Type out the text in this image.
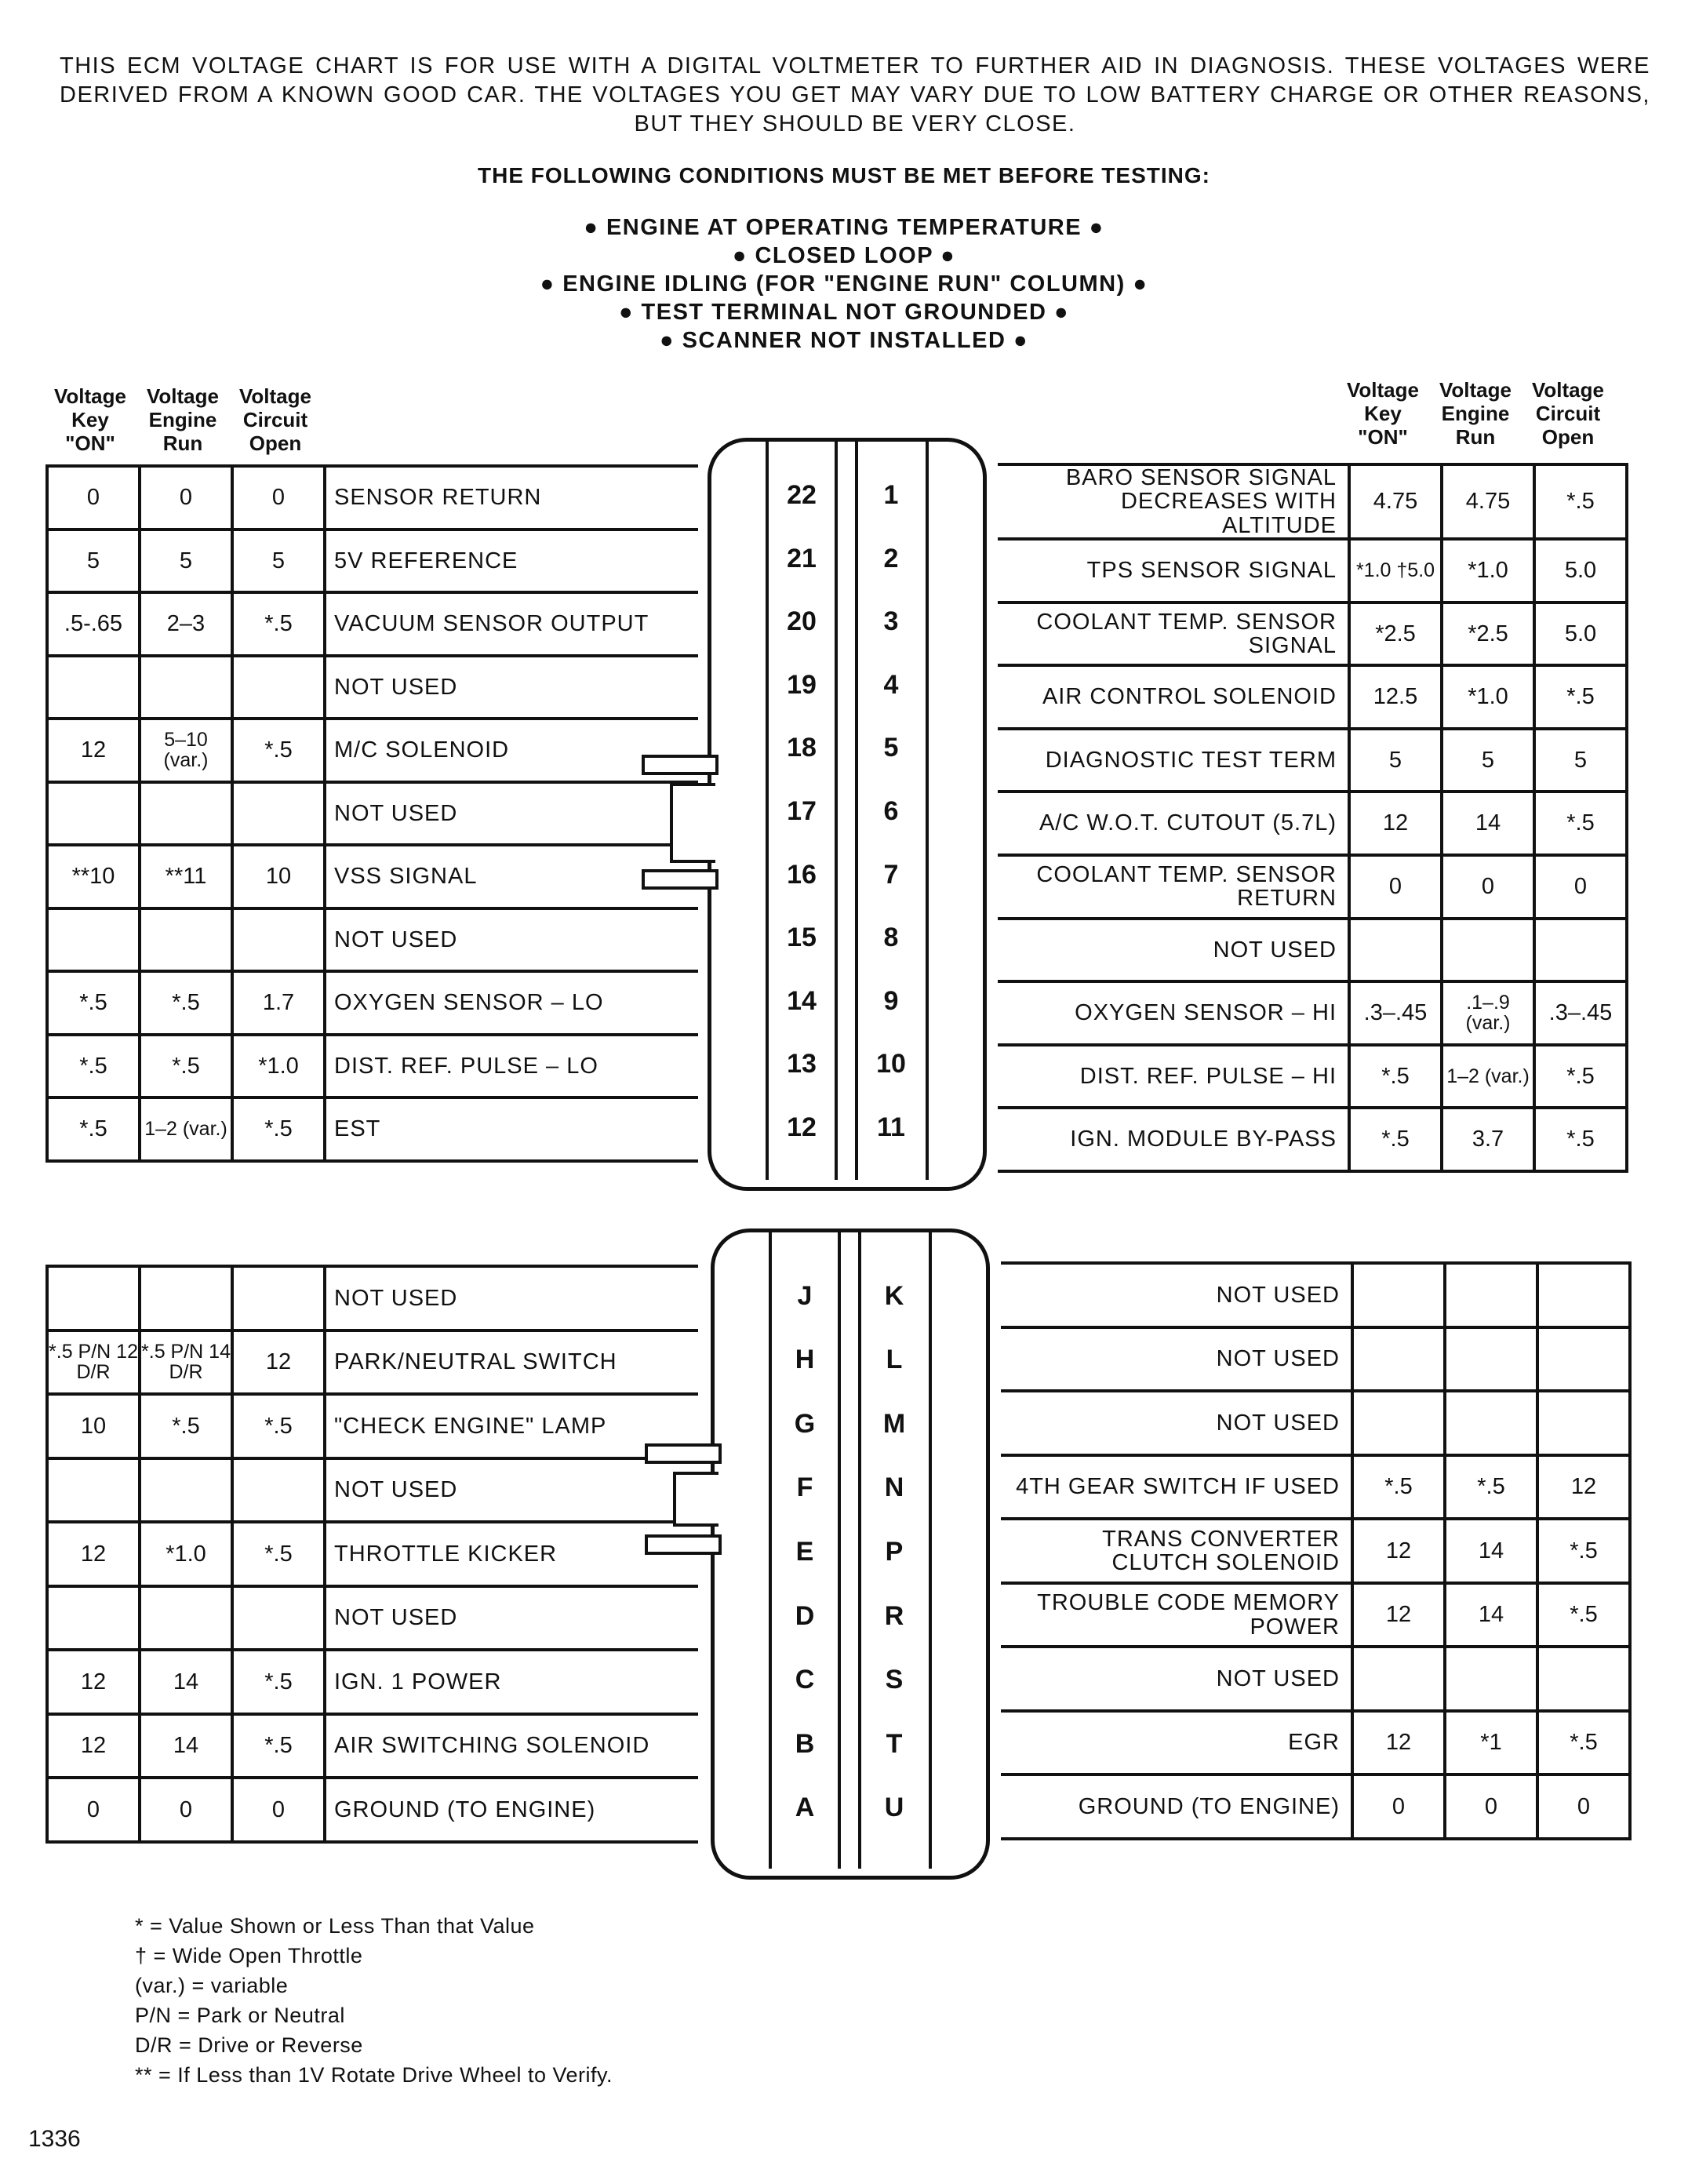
THIS ECM VOLTAGE CHART IS FOR USE WITH A DIGITAL VOLTMETER TO FURTHER AID IN DIAGNOSIS. THESE VOLTAGES WERE DERIVED FROM A KNOWN GOOD CAR. THE VOLTAGES YOU GET MAY VARY DUE TO LOW BATTERY CHARGE OR OTHER REASONS, BUT THEY SHOULD BE VERY CLOSE.
THE FOLLOWING CONDITIONS MUST BE MET BEFORE TESTING:
● ENGINE AT OPERATING TEMPERATURE ●
● CLOSED LOOP ●
● ENGINE IDLING (FOR "ENGINE RUN" COLUMN) ●
● TEST TERMINAL NOT GROUNDED ●
● SCANNER NOT INSTALLED ●
Voltage Key "ON"
Voltage Engine Run
Voltage Circuit Open
Voltage Key "ON"
Voltage Engine Run
Voltage Circuit Open
0	0	0	SENSOR RETURN
5	5	5	5V REFERENCE
.5-.65	2–3	*.5	VACUUM SENSOR OUTPUT
			NOT USED
12	5–10 (var.)	*.5	M/C SOLENOID
			NOT USED
**10	**11	10	VSS SIGNAL
			NOT USED
*.5	*.5	1.7	OXYGEN SENSOR – LO
*.5	*.5	*1.0	DIST. REF. PULSE – LO
*.5	1–2 (var.)	*.5	EST
BARO SENSOR SIGNAL DECREASES WITH ALTITUDE	4.75	4.75	*.5
TPS SENSOR SIGNAL	*1.0 †5.0	*1.0	5.0
COOLANT TEMP. SENSOR SIGNAL	*2.5	*2.5	5.0
AIR CONTROL SOLENOID	12.5	*1.0	*.5
DIAGNOSTIC TEST TERM	5	5	5
A/C W.O.T. CUTOUT (5.7L)	12	14	*.5
COOLANT TEMP. SENSOR RETURN	0	0	0
NOT USED			
OXYGEN SENSOR – HI	.3–.45	.1–.9 (var.)	.3–.45
DIST. REF. PULSE – HI	*.5	1–2 (var.)	*.5
IGN. MODULE BY-PASS	*.5	3.7	*.5
			NOT USED
*.5 P/N 12 D/R	*.5 P/N 14 D/R	12	PARK/NEUTRAL SWITCH
10	*.5	*.5	"CHECK ENGINE" LAMP
			NOT USED
12	*1.0	*.5	THROTTLE KICKER
			NOT USED
12	14	*.5	IGN. 1 POWER
12	14	*.5	AIR SWITCHING SOLENOID
0	0	0	GROUND (TO ENGINE)
NOT USED			
NOT USED			
NOT USED			
4TH GEAR SWITCH IF USED	*.5	*.5	12
TRANS CONVERTER CLUTCH SOLENOID	12	14	*.5
TROUBLE CODE MEMORY POWER	12	14	*.5
NOT USED			
EGR	12	*1	*.5
GROUND (TO ENGINE)	0	0	0
22	1
21	2
20	3
19	4
18	5
17	6
16	7
15	8
14	9
13	10
12	11
J	K
H	L
G	M
F	N
E	P
D	R
C	S
B	T
A	U
* = Value Shown or Less Than that Value
† = Wide Open Throttle
(var.) = variable
P/N = Park or Neutral
D/R = Drive or Reverse
** = If Less than 1V Rotate Drive Wheel to Verify.
1336
